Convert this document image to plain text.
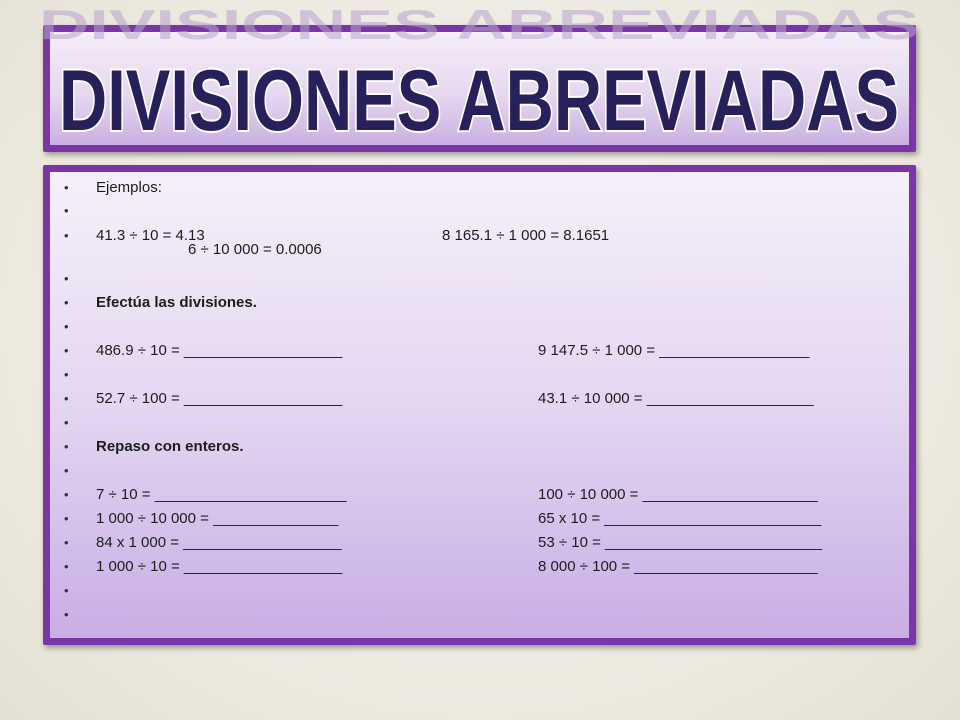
DIVISIONES ABREVIADAS
DIVISIONES ABREVIADAS
•	Ejemplos:
•
•	41.3 ÷ 10 = 4.13	8 165.1 ÷ 1 000 = 8.1651
6 ÷ 10 000 = 0.0006
•
•	Efectúa las divisiones.
•
•	486.9 ÷ 10 = ___________________	9 147.5 ÷ 1 000 = __________________
•
•	52.7 ÷ 100 = ___________________	43.1 ÷ 10 000 = ____________________
•
•	Repaso con enteros.
•
•	7 ÷ 10 = _______________________	100 ÷ 10 000 = _____________________
•	1 000 ÷ 10 000 = _______________	65 x 10 = __________________________
•	84 x 1 000 = ___________________	53 ÷ 10 = __________________________
•	1 000 ÷ 10 = ___________________	8 000 ÷ 100 = ______________________
•
•
